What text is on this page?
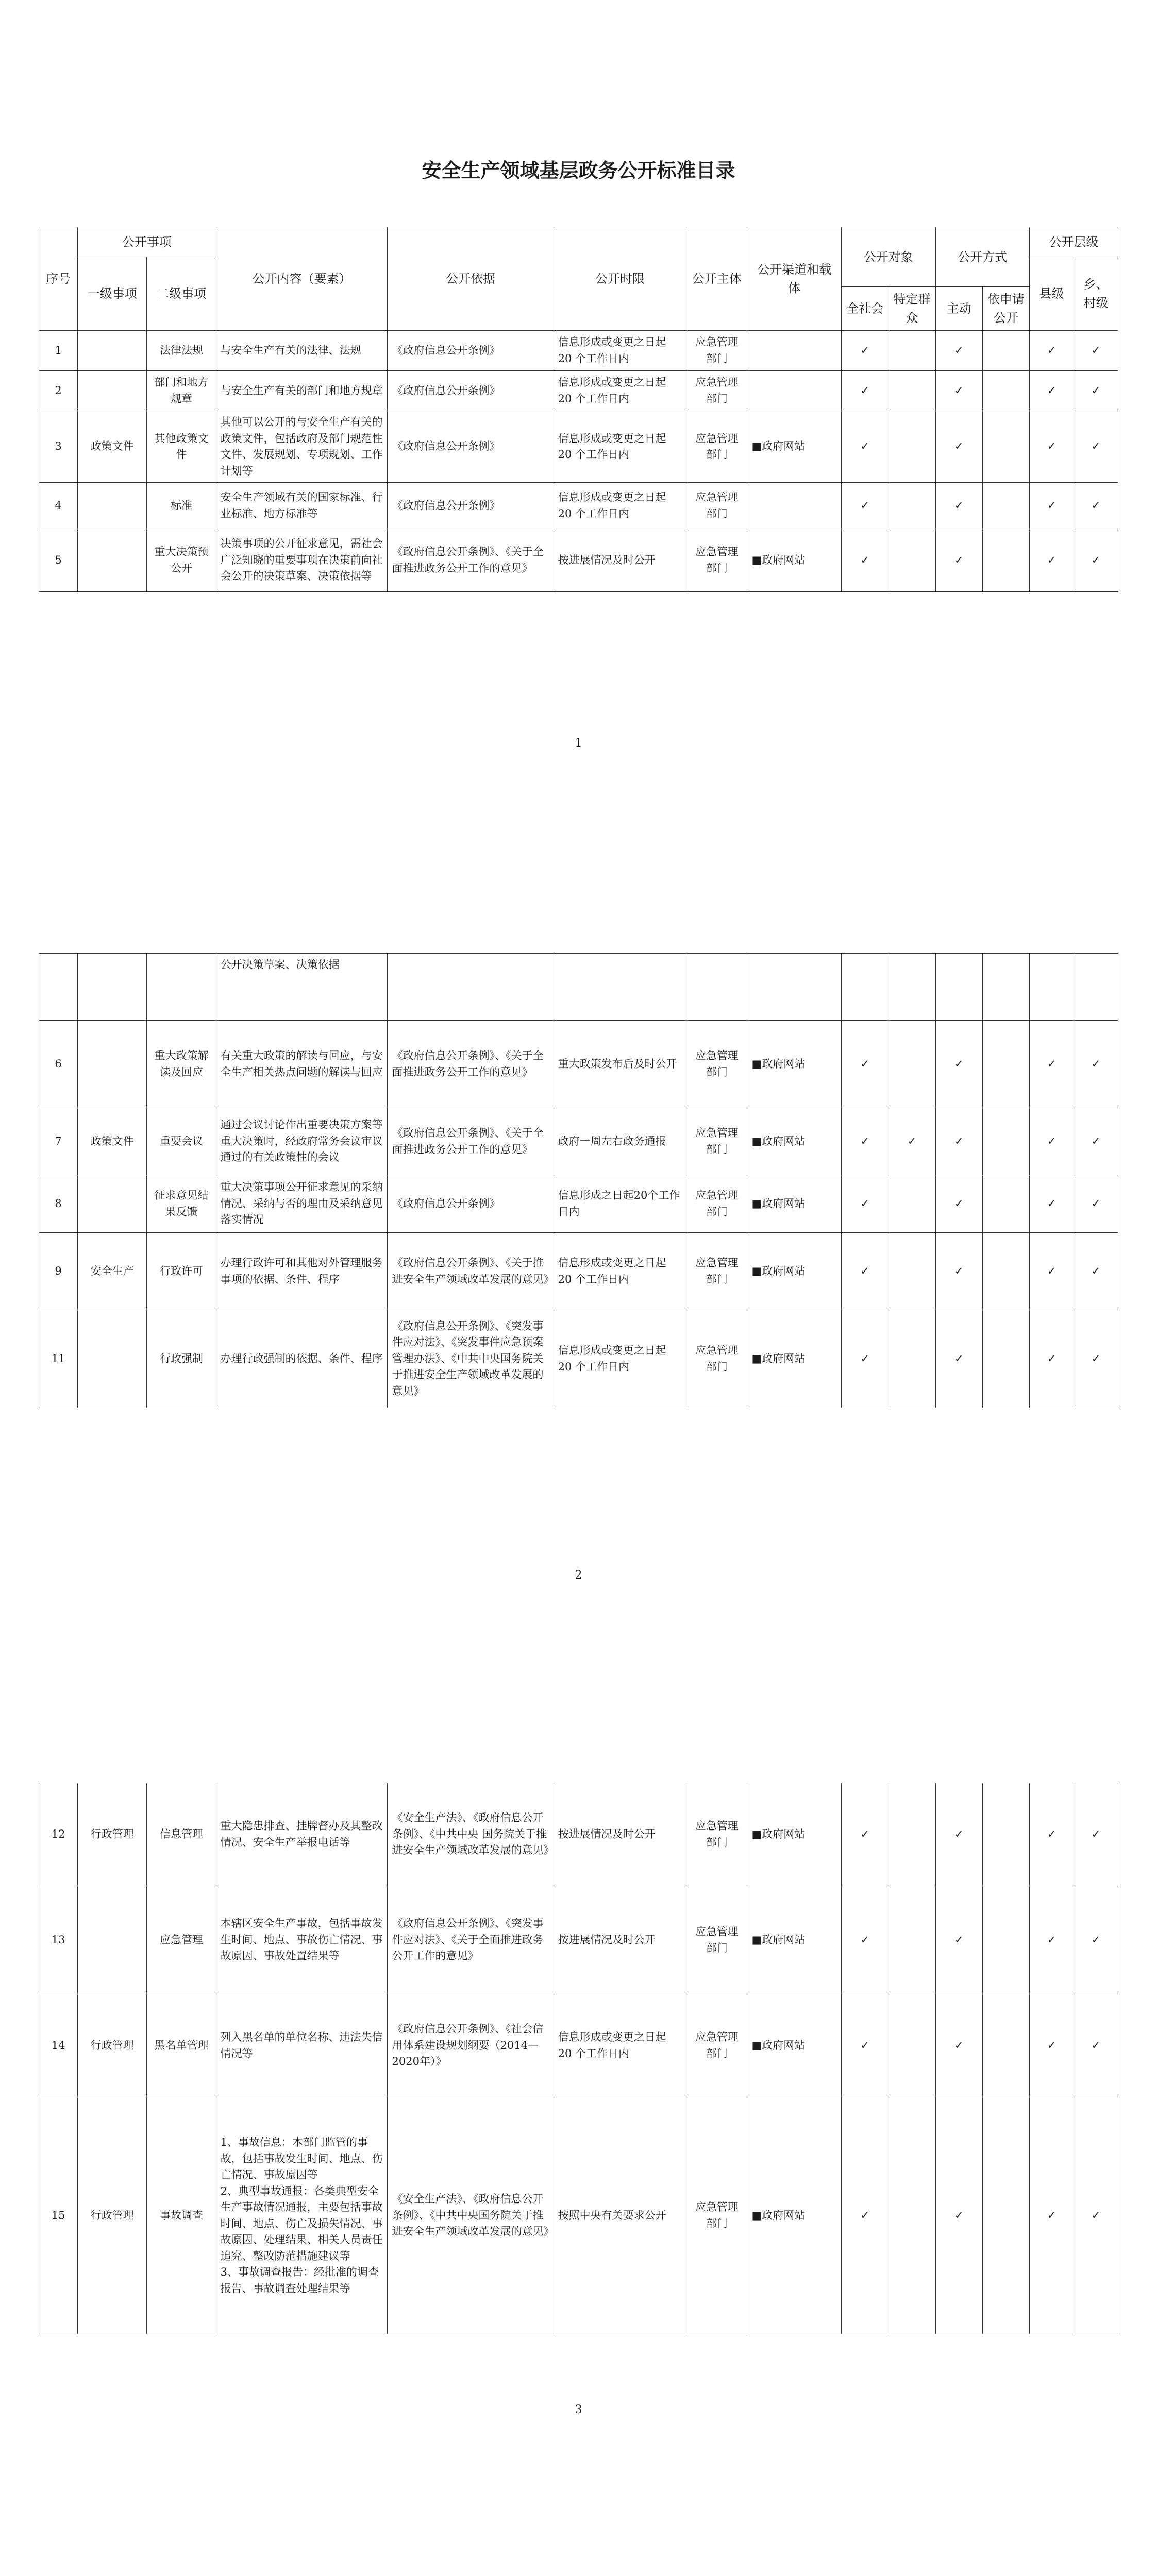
安全生产领域基层政务公开标准目录
序号	公开事项		公开内容（要素）	公开依据	公开时限	公开主体	公开渠道和载体	公开对象		公开方式		公开层级	
	一级事项	二级事项										县级	乡、村级
								全社会	特定群众	主动	依申请公开		
1		法律法规	与安全生产有关的法律、法规	《政府信息公开条例》	信息形成或变更之日起 20 个工作日内	应急管理部门		✓		✓		✓	✓
2		部门和地方规章	与安全生产有关的部门和地方规章	《政府信息公开条例》	信息形成或变更之日起 20 个工作日内	应急管理部门		✓		✓		✓	✓
3	政策文件	其他政策文件	其他可以公开的与安全生产有关的政策文件，包括政府及部门规范性文件、发展规划、专项规划、工作计划等	《政府信息公开条例》	信息形成或变更之日起 20 个工作日内	应急管理部门	■政府网站	✓		✓		✓	✓
4		标准	安全生产领域有关的国家标准、行业标准、地方标准等	《政府信息公开条例》	信息形成或变更之日起 20 个工作日内	应急管理部门		✓		✓		✓	✓
5		重大决策预公开	决策事项的公开征求意见，需社会广泛知晓的重要事项在决策前向社会公开的决策草案、决策依据等	《政府信息公开条例》、《关于全面推进政务公开工作的意见》	按进展情况及时公开	应急管理部门	■政府网站	✓		✓		✓	✓
1
			公开决策草案、决策依据										
6		重大政策解读及回应	有关重大政策的解读与回应，与安全生产相关热点问题的解读与回应	《政府信息公开条例》、《关于全面推进政务公开工作的意见》	重大政策发布后及时公开	应急管理部门	■政府网站	✓		✓		✓	✓
7	政策文件	重要会议	通过会议讨论作出重要决策方案等重大决策时，经政府常务会议审议通过的有关政策性的会议	《政府信息公开条例》、《关于全面推进政务公开工作的意见》	政府一周左右政务通报	应急管理部门	■政府网站	✓	✓	✓		✓	✓
8		征求意见结果反馈	重大决策事项公开征求意见的采纳情况、采纳与否的理由及采纳意见落实情况	《政府信息公开条例》	信息形成之日起20个工作日内	应急管理部门	■政府网站	✓		✓		✓	✓
9	安全生产	行政许可	办理行政许可和其他对外管理服务事项的依据、条件、程序	《政府信息公开条例》、《关于推进安全生产领域改革发展的意见》	信息形成或变更之日起 20 个工作日内	应急管理部门	■政府网站	✓		✓		✓	✓
11		行政强制	办理行政强制的依据、条件、程序	《政府信息公开条例》、《突发事件应对法》、《突发事件应急预案管理办法》、《中共中央国务院关于推进安全生产领域改革发展的意见》	信息形成或变更之日起 20 个工作日内	应急管理部门	■政府网站	✓		✓		✓	✓
2
12	行政管理	信息管理	重大隐患排查、挂牌督办及其整改情况、安全生产举报电话等	《安全生产法》、《政府信息公开条例》、《中共中央 国务院关于推进安全生产领域改革发展的意见》	按进展情况及时公开	应急管理部门	■政府网站	✓		✓		✓	✓
13		应急管理	本辖区安全生产事故，包括事故发生时间、地点、事故伤亡情况、事故原因、事故处置结果等	《政府信息公开条例》、《突发事件应对法》、《关于全面推进政务公开工作的意见》	按进展情况及时公开	应急管理部门	■政府网站	✓		✓		✓	✓
14	行政管理	黑名单管理	列入黑名单的单位名称、违法失信情况等	《政府信息公开条例》、《社会信用体系建设规划纲要（2014—2020年）》	信息形成或变更之日起 20 个工作日内	应急管理部门	■政府网站	✓		✓		✓	✓
15	行政管理	事故调查	1、事故信息：本部门监管的事故，包括事故发生时间、地点、伤亡情况、事故原因等
2、典型事故通报：各类典型安全生产事故情况通报，主要包括事故时间、地点、伤亡及损失情况、事故原因、处理结果、相关人员责任追究、整改防范措施建议等
3、事故调查报告：经批准的调查报告、事故调查处理结果等	《安全生产法》、《政府信息公开条例》、《中共中央国务院关于推进安全生产领域改革发展的意见》	按照中央有关要求公开	应急管理部门	■政府网站	✓		✓		✓	✓
3
